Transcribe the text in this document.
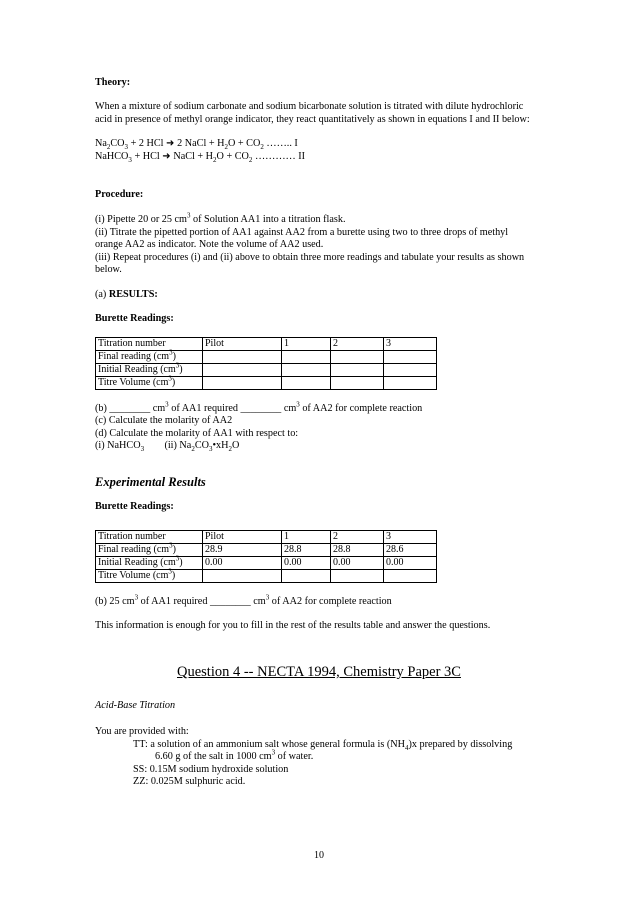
Theory:

When a mixture of sodium carbonate and sodium bicarbonate solution is titrated with dilute hydrochloric acid in presence of methyl orange indicator, they react quantitatively as shown in equations I and II below:

$Na_2CO_3 + 2$ HCl ➜ 2 NaCl + $H_2O + CO_2$ …….. I

NaHCO$_3$ + HCl ➜ NaCl + $H_2O + CO_2$ ………… II

Procedure:

(i) Pipette 20 or 25 $cm^3$ of Solution AA1 into a titration flask.

(ii) Titrate the pipetted portion of AA1 against AA2 from a burette using two to three drops of methyl orange AA2 as indicator. Note the volume of AA2 used.

(iii) Repeat procedures (i) and (ii) above to obtain three more readings and tabulate your results as shown below.

(a) RESULTS:

Burette Readings:

Titration number	Pilot	1	2	3
Final reading $(cm^3)$				
Initial Reading $(cm^3)$				
Titre Volume $(cm^3)$				

(b) ________ $cm^3$ of AA1 required ________ $cm^3$ of AA2 for complete reaction

(c) Calculate the molarity of AA2

(d) Calculate the molarity of AA1 with respect to:

(i) NaHCO$_3$ (ii) $Na_2CO_3•xH_2O$

Experimental Results

Burette Readings:

Titration number	Pilot	1	2	3
Final reading $(cm^3)$	28.9	28.8	28.8	28.6
Initial Reading $(cm^3)$	0.00	0.00	0.00	0.00
Titre Volume $(cm^3)$				

(b) 25 $cm^3$ of AA1 required ________ $cm^3$ of AA2 for complete reaction

This information is enough for you to fill in the rest of the results table and answer the questions.

Question 4 -- NECTA 1994, Chemistry Paper 3C

Acid-Base Titration

You are provided with:

TT: a solution of an ammonium salt whose general formula is $(NH_4)x$ prepared by dissolving

6.60 g of the salt in 1000 $cm^3$ of water.

SS: 0.15M sodium hydroxide solution

ZZ: 0.025M sulphuric acid.

10
